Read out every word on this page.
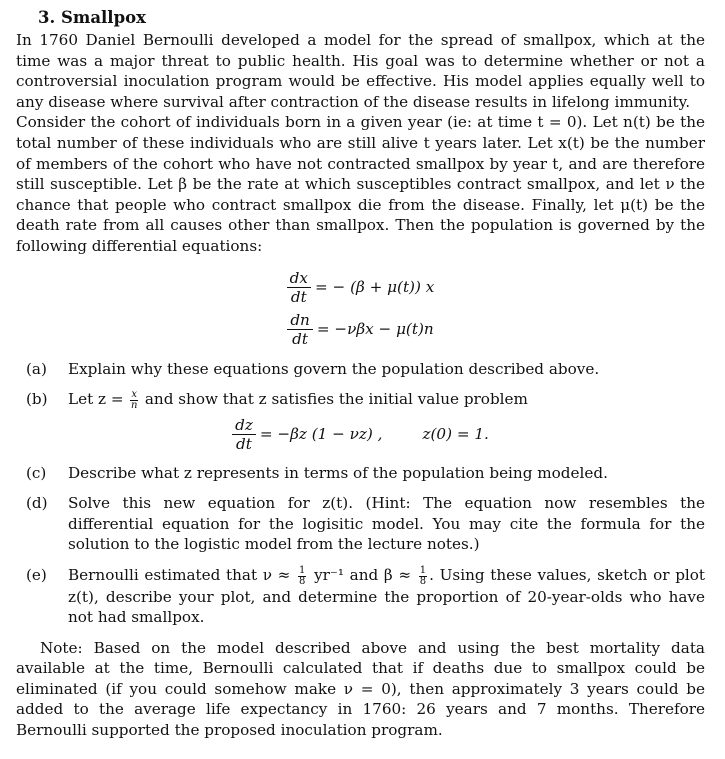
3. Smallpox

In 1760 Daniel Bernoulli developed a model for the spread of smallpox, which at the time was a major threat to public health. His goal was to determine whether or not a controversial inoculation program would be effective. His model applies equally well to any disease where survival after contraction of the disease results in lifelong immunity.

Consider the cohort of individuals born in a given year (ie: at time t = 0). Let n(t) be the total number of these individuals who are still alive t years later. Let x(t) be the number of members of the cohort who have not contracted smallpox by year t, and are therefore still susceptible. Let β be the rate at which susceptibles contract smallpox, and let ν the chance that people who contract smallpox die from the disease. Finally, let μ(t) be the death rate from all causes other than smallpox. Then the population is governed by the following differential equations:

$\frac{dx}{dt}$ = − (β + μ(t)) x
$\frac{dn}{dt} = -\nu\beta x - \mu(t)n$
(a)	Explain why these equations govern the population described above.
(b)	Let $z = \frac{x}{n}$ and show that z satisfies the initial value problem
$\frac{dz}{dt} = -\beta z$ (1 − νz) ,	z(0) = 1.
(c)	Describe what z represents in terms of the population being modeled.
(d)	Solve this new equation for z(t). (Hint: The equation now resembles the differential equation for the logisitic model. You may cite the formula for the solution to the logistic model from the lecture notes.)
(e)	Bernoulli estimated that $\nu \approx \frac{1}{8} yr^{-1}$ and $\beta \approx \frac{1}{8}$ . Using these values, sketch or plot z(t), describe your plot, and determine the proportion of 20-year-olds who have not had smallpox.

Note: Based on the model described above and using the best mortality data available at the time, Bernoulli calculated that if deaths due to smallpox could be eliminated (if you could somehow make ν = 0), then approximately 3 years could be added to the average life expectancy in 1760: 26 years and 7 months. Therefore Bernoulli supported the proposed inoculation program.
